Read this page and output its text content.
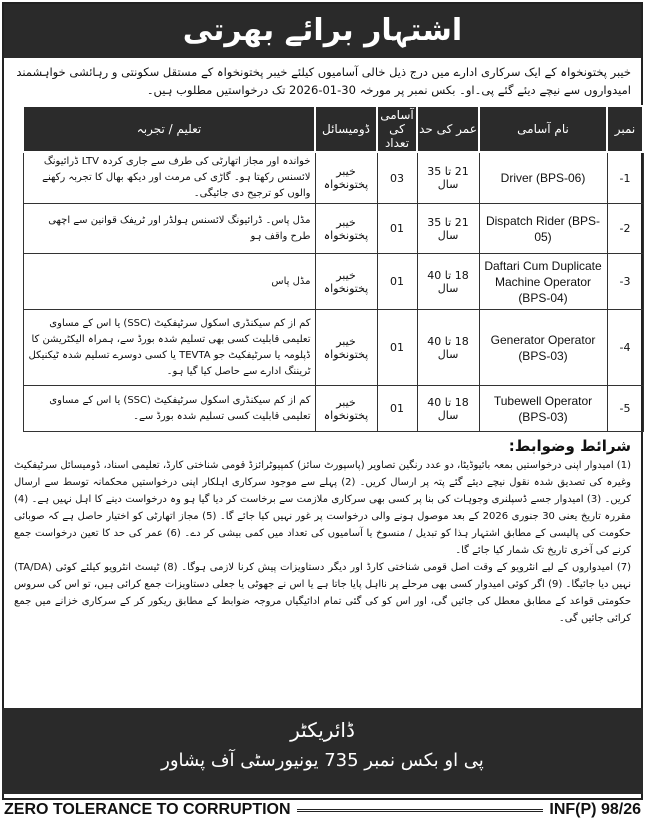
اشتہار برائے بھرتی

خیبر پختونخواہ کے ایک سرکاری ادارے میں درج ذیل خالی آسامیوں کیلئے خیبر پختونخواہ کے مستقل سکونتی و رہائشی خواہشمند امیدواروں سے نیچے دیئے گئے پی۔او۔ بکس نمبر پر مورخہ 30-01-2026 تک درخواستیں مطلوب ہیں۔

نمبر	نام آسامی	عمر کی حد	آسامی کی تعداد	ڈومیسائل	تعلیم / تجربہ
1-	Driver (BPS-06)	21 تا 35 سال	03	خیبر پختونخواہ	خواندہ اور مجاز اتھارٹی کی طرف سے جاری کردہ LTV ڈرائیونگ لائسنس رکھتا ہو۔ گاڑی کی مرمت اور دیکھ بھال کا تجربہ رکھنے والوں کو ترجیح دی جائیگی۔
2-	Dispatch Rider (BPS-05)	21 تا 35 سال	01	خیبر پختونخواہ	مڈل پاس۔ ڈرائیونگ لائسنس ہولڈر اور ٹریفک قوانین سے اچھی طرح واقف ہو
3-	Daftari Cum Duplicate Machine Operator (BPS-04)	18 تا 40 سال	01	خیبر پختونخواہ	مڈل پاس
4-	Generator Operator (BPS-03)	18 تا 40 سال	01	خیبر پختونخواہ	کم از کم سیکنڈری اسکول سرٹیفکیٹ (SSC) یا اس کے مساوی تعلیمی قابلیت کسی بھی تسلیم شدہ بورڈ سے، ہمراہ الیکٹریشن کا ڈپلومہ یا سرٹیفکیٹ جو TEVTA یا کسی دوسرے تسلیم شدہ ٹیکنیکل ٹریننگ ادارے سے حاصل کیا گیا ہو۔
5-	Tubewell Operator (BPS-03)	18 تا 40 سال	01	خیبر پختونخواہ	کم از کم سیکنڈری اسکول سرٹیفکیٹ (SSC) یا اس کے مساوی تعلیمی قابلیت کسی تسلیم شدہ بورڈ سے۔
شرائط وضوابط:

(1) امیدوار اپنی درخواستیں بمعہ بائیوڈیٹا، دو عدد رنگین تصاویر (پاسپورٹ سائز) کمپیوٹرائزڈ قومی شناختی کارڈ، تعلیمی اسناد، ڈومیسائل سرٹیفکیٹ وغیرہ کی تصدیق شدہ نقول نیچے دیئے گئے پتہ پر ارسال کریں۔ (2) پہلے سے موجود سرکاری اہلکار اپنی درخواستیں محکمانہ توسط سے ارسال کریں۔ (3) امیدوار جسے ڈسپلنری وجوہات کی بنا پر کسی بھی سرکاری ملازمت سے برخاست کر دیا گیا ہو وہ درخواست دینے کا اہل نہیں ہے۔ (4) مقررہ تاریخ یعنی 30 جنوری 2026 کے بعد موصول ہونے والی درخواست پر غور نہیں کیا جائے گا۔ (5) مجاز اتھارٹی کو اختیار حاصل ہے کہ صوبائی حکومت کی پالیسی کے مطابق اشتہار ہذا کو تبدیل / منسوخ یا آسامیوں کی تعداد میں کمی بیشی کر دے۔ (6) عمر کی حد کا تعین درخواست جمع کرنے کی آخری تاریخ تک شمار کیا جائے گا۔

(7) امیدواروں کے لیے انٹرویو کے وقت اصل قومی شناختی کارڈ اور دیگر دستاویزات پیش کرنا لازمی ہوگا۔ (8) ٹیسٹ انٹرویو کیلئے کوئی (TA/DA) نہیں دیا جائیگا۔ (9) اگر کوئی امیدوار کسی بھی مرحلے پر نااہل پایا جاتا ہے یا اس نے جھوٹی یا جعلی دستاویزات جمع کرائی ہیں، تو اس کی سروس حکومتی قواعد کے مطابق معطل کی جائیں گی، اور اس کو کی گئی تمام ادائیگیاں مروجہ ضوابط کے مطابق ریکور کر کے سرکاری خزانے میں جمع کرائی جائیں گی۔

ڈائریکٹر
پی او بکس نمبر 735 یونیورسٹی آف پشاور
ZERO TOLERANCE TO CORRUPTION	INF(P) 98/26
